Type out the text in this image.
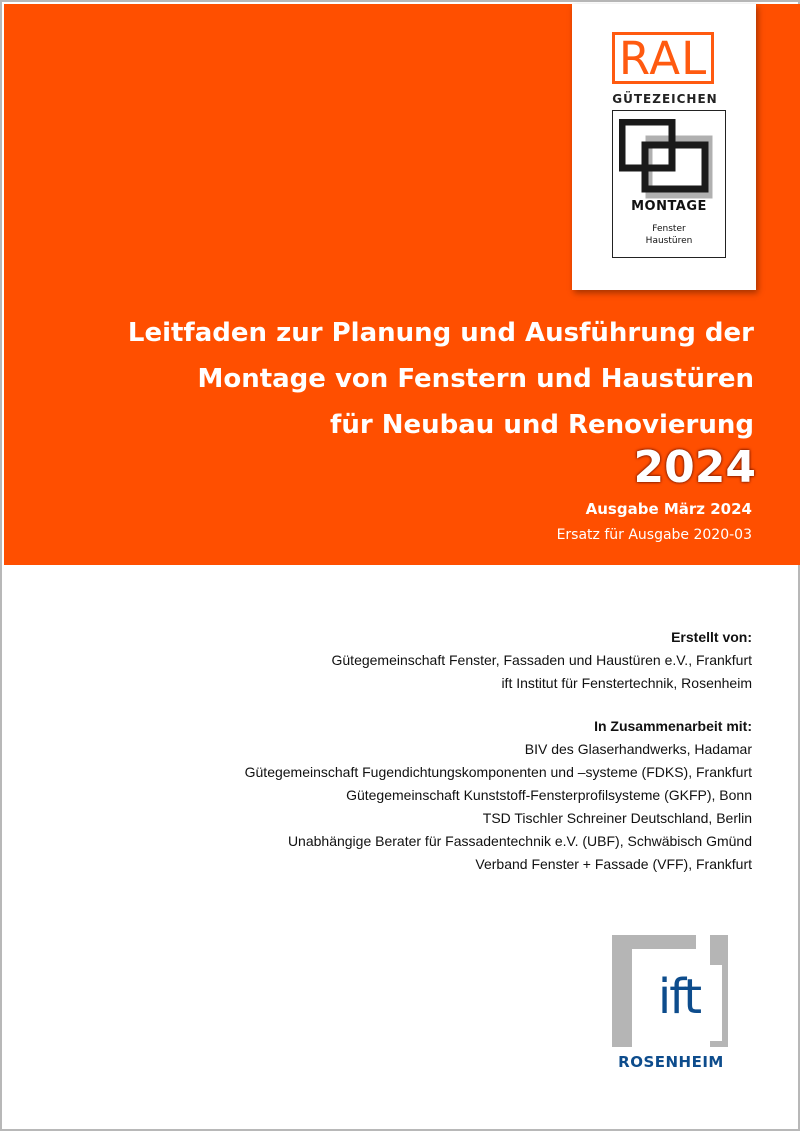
RAL
GÜTEZEICHEN
MONTAGE
Fenster
Haustüren
Leitfaden zur Planung und Ausführung der
Montage von Fenstern und Haustüren
für Neubau und Renovierung
2024
Ausgabe März 2024
Ersatz für Ausgabe 2020-03
Erstellt von:
Gütegemeinschaft Fenster, Fassaden und Haustüren e.V., Frankfurt
ift Institut für Fenstertechnik, Rosenheim
In Zusammenarbeit mit:
BIV des Glaserhandwerks, Hadamar
Gütegemeinschaft Fugendichtungskomponenten und –systeme (FDKS), Frankfurt
Gütegemeinschaft Kunststoff-Fensterprofilsysteme (GKFP), Bonn
TSD Tischler Schreiner Deutschland, Berlin
Unabhängige Berater für Fassadentechnik e.V. (UBF), Schwäbisch Gmünd
Verband Fenster + Fassade (VFF), Frankfurt
ift
ROSENHEIM
